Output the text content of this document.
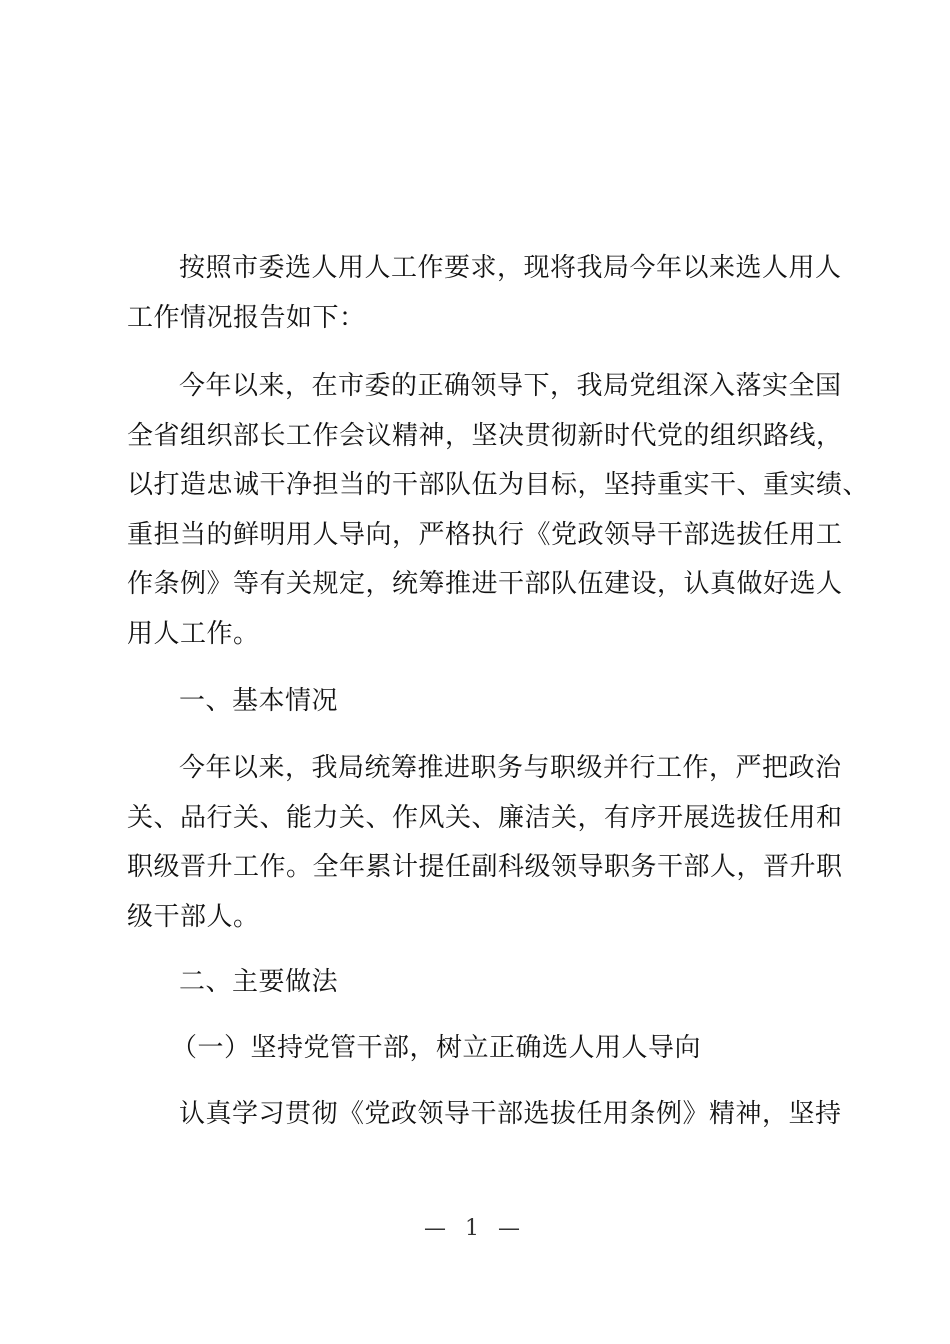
按照市委选人用人工作要求，现将我局今年以来选人用人
工作情况报告如下：
今年以来，在市委的正确领导下，我局党组深入落实全国
全省组织部长工作会议精神，坚决贯彻新时代党的组织路线，
以打造忠诚干净担当的干部队伍为目标，坚持重实干、重实绩、
重担当的鲜明用人导向，严格执行《党政领导干部选拔任用工
作条例》等有关规定，统筹推进干部队伍建设，认真做好选人
用人工作。
一、基本情况
今年以来，我局统筹推进职务与职级并行工作，严把政治
关、品行关、能力关、作风关、廉洁关，有序开展选拔任用和
职级晋升工作。全年累计提任副科级领导职务干部人，晋升职
级干部人。
二、主要做法
（一）坚持党管干部，树立正确选人用人导向
认真学习贯彻《党政领导干部选拔任用条例》精神，坚持
— 1 —
